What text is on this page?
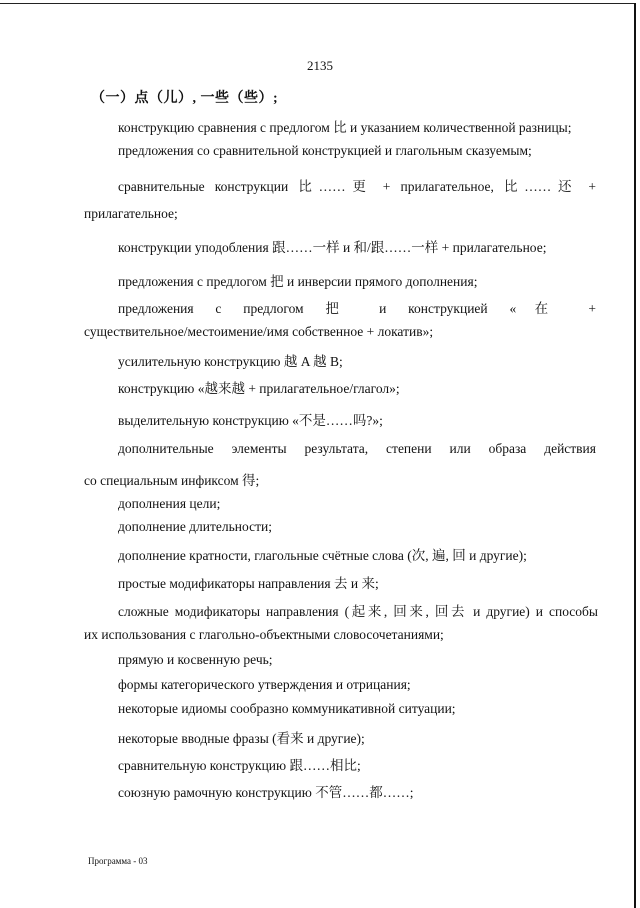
2135
（一）点（儿）, 一些（些）;
конструкцию сравнения с предлогом 比 и указанием количественной разницы;
предложения со сравнительной конструкцией и глагольным сказуемым;
сравнительные конструкции 比……更 + прилагательное, 比……还 +
прилагательное;
конструкции уподобления 跟……一样 и 和/跟……一样 + прилагательное;
предложения с предлогом 把 и инверсии прямого дополнения;
предложения с предлогом 把 и конструкцией «在 +
существительное/местоимение/имя собственное + локатив»;
усилительную конструкцию 越 A 越 B;
конструкцию «越来越 + прилагательное/глагол»;
выделительную конструкцию «不是……吗?»;
дополнительные элементы результата, степени или образа действия
со специальным инфиксом 得;
дополнения цели;
дополнение длительности;
дополнение кратности, глагольные счётные слова (次, 遍, 回 и другие);
простые модификаторы направления 去 и 来;
сложные модификаторы направления (起来, 回来, 回去 и другие) и способы
их использования с глагольно-объектными словосочетаниями;
прямую и косвенную речь;
формы категорического утверждения и отрицания;
некоторые идиомы сообразно коммуникативной ситуации;
некоторые вводные фразы (看来 и другие);
сравнительную конструкцию 跟……相比;
союзную рамочную конструкцию 不管……都……;
Программа - 03
